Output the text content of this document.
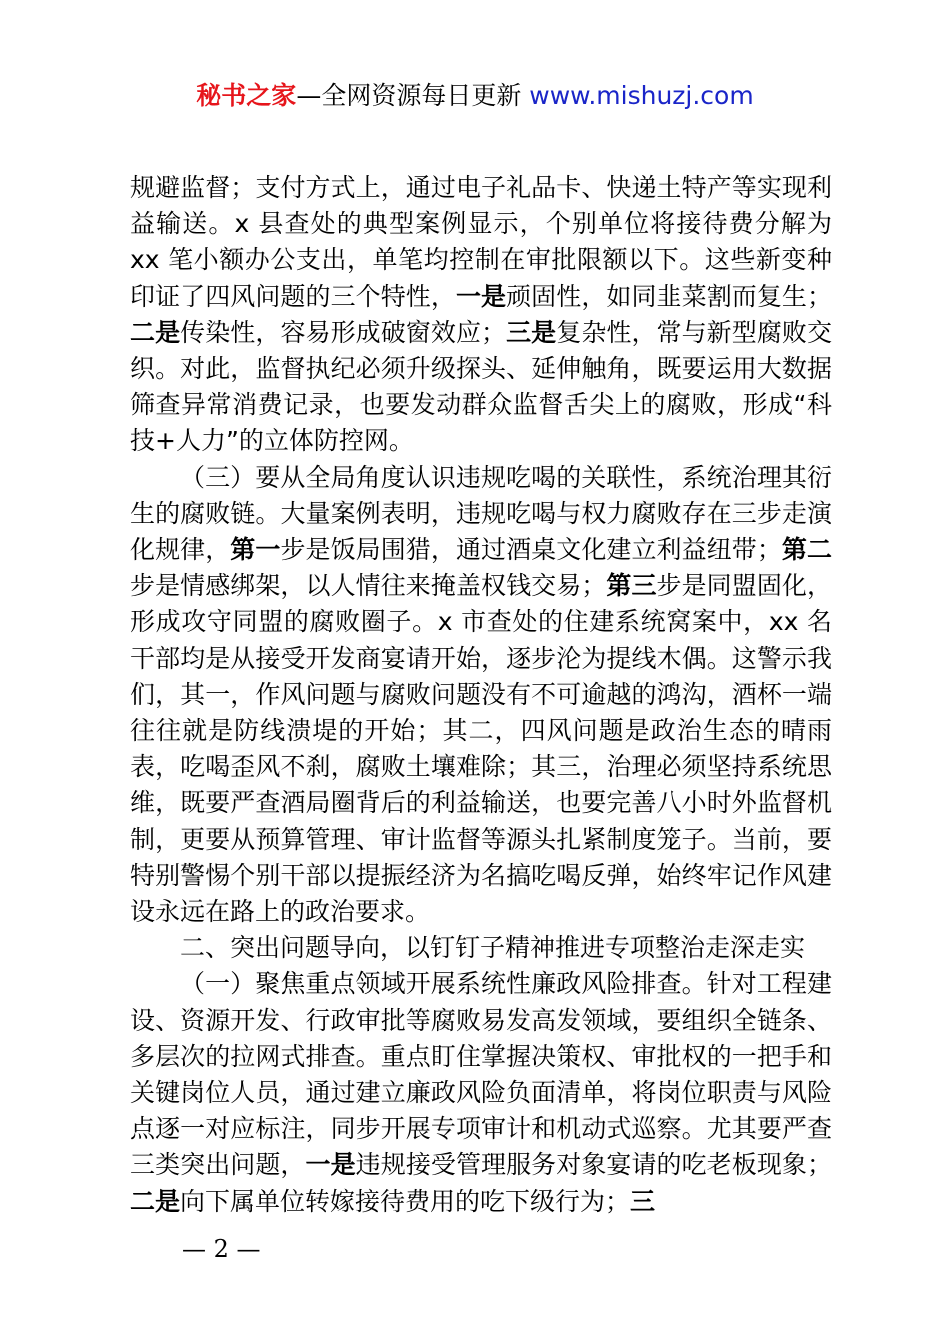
秘书之家—全网资源每日更新 www.mishuzj.com

规避监督；支付方式上，通过电子礼品卡、快递土特产等实现利益输送。x 县查处的典型案例显示，个别单位将接待费分解为 xx 笔小额办公支出，单笔均控制在审批限额以下。这些新变种印证了四风问题的三个特性，一是顽固性，如同韭菜割而复生；二是传染性，容易形成破窗效应；三是复杂性，常与新型腐败交织。对此，监督执纪必须升级探头、延伸触角，既要运用大数据筛查异常消费记录，也要发动群众监督舌尖上的腐败，形成“科技+人力”的立体防控网。

（三）要从全局角度认识违规吃喝的关联性，系统治理其衍生的腐败链。大量案例表明，违规吃喝与权力腐败存在三步走演化规律，第一步是饭局围猎，通过酒桌文化建立利益纽带；第二步是情感绑架，以人情往来掩盖权钱交易；第三步是同盟固化，形成攻守同盟的腐败圈子。x 市查处的住建系统窝案中，xx 名干部均是从接受开发商宴请开始，逐步沦为提线木偶。这警示我们，其一，作风问题与腐败问题没有不可逾越的鸿沟，酒杯一端往往就是防线溃堤的开始；其二，四风问题是政治生态的晴雨表，吃喝歪风不刹，腐败土壤难除；其三，治理必须坚持系统思维，既要严查酒局圈背后的利益输送，也要完善八小时外监督机制，更要从预算管理、审计监督等源头扎紧制度笼子。当前，要特别警惕个别干部以提振经济为名搞吃喝反弹，始终牢记作风建设永远在路上的政治要求。

二、突出问题导向，以钉钉子精神推进专项整治走深走实

（一）聚焦重点领域开展系统性廉政风险排查。针对工程建设、资源开发、行政审批等腐败易发高发领域，要组织全链条、多层次的拉网式排查。重点盯住掌握决策权、审批权的一把手和关键岗位人员，通过建立廉政风险负面清单，将岗位职责与风险点逐一对应标注，同步开展专项审计和机动式巡察。尤其要严查三类突出问题，一是违规接受管理服务对象宴请的吃老板现象；二是向下属单位转嫁接待费用的吃下级行为；三

— 2 —
